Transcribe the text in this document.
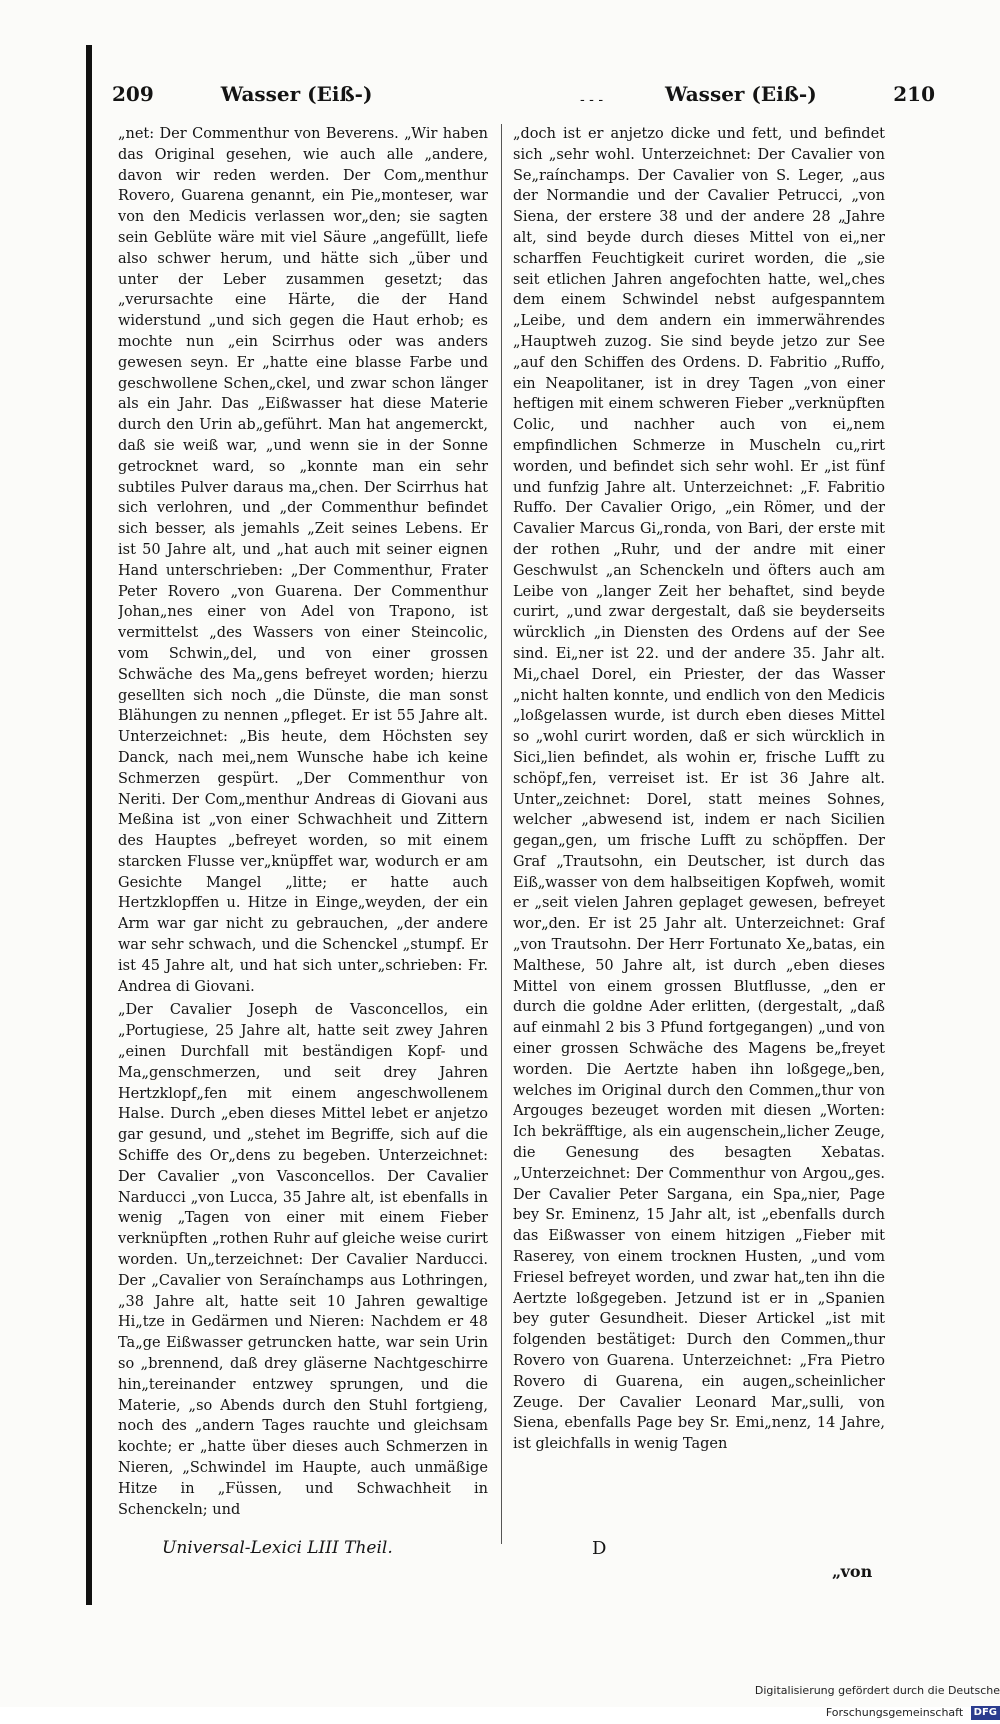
209	Wasser (Eiß-)	- - -	Wasser (Eiß-)	210

„net: Der Commenthur von Beverens. „Wir haben das Original gesehen, wie auch alle „andere, davon wir reden werden. Der Com„menthur Rovero, Guarena genannt, ein Pie„monteser, war von den Medicis verlassen wor„den; sie sagten sein Geblüte wäre mit viel Säure „angefüllt, liefe also schwer herum, und hätte sich „über und unter der Leber zusammen gesetzt; das „verursachte eine Härte, die der Hand widerstund „und sich gegen die Haut erhob; es mochte nun „ein Scirrhus oder was anders gewesen seyn. Er „hatte eine blasse Farbe und geschwollene Schen„ckel, und zwar schon länger als ein Jahr. Das „Eißwasser hat diese Materie durch den Urin ab„geführt. Man hat angemerckt, daß sie weiß war, „und wenn sie in der Sonne getrocknet ward, so „konnte man ein sehr subtiles Pulver daraus ma„chen. Der Scirrhus hat sich verlohren, und „der Commenthur befindet sich besser, als jemahls „Zeit seines Lebens. Er ist 50 Jahre alt, und „hat auch mit seiner eignen Hand unterschrieben: „Der Commenthur, Frater Peter Rovero „von Guarena. Der Commenthur Johan„nes einer von Adel von Trapono, ist vermittelst „des Wassers von einer Steincolic, vom Schwin„del, und von einer grossen Schwäche des Ma„gens befreyet worden; hierzu gesellten sich noch „die Dünste, die man sonst Blähungen zu nennen „pfleget. Er ist 55 Jahre alt. Unterzeichnet: „Bis heute, dem Höchsten sey Danck, nach mei„nem Wunsche habe ich keine Schmerzen gespürt. „Der Commenthur von Neriti. Der Com„menthur Andreas di Giovani aus Meßina ist „von einer Schwachheit und Zittern des Hauptes „befreyet worden, so mit einem starcken Flusse ver„knüpffet war, wodurch er am Gesichte Mangel „litte; er hatte auch Hertzklopffen u. Hitze in Einge„weyden, der ein Arm war gar nicht zu gebrauchen, „der andere war sehr schwach, und die Schenckel „stumpf. Er ist 45 Jahre alt, und hat sich unter„schrieben: Fr. Andrea di Giovani.

„Der Cavalier Joseph de Vasconcellos, ein „Portugiese, 25 Jahre alt, hatte seit zwey Jahren „einen Durchfall mit beständigen Kopf- und Ma„genschmerzen, und seit drey Jahren Hertzklopf„fen mit einem angeschwollenem Halse. Durch „eben dieses Mittel lebet er anjetzo gar gesund, und „stehet im Begriffe, sich auf die Schiffe des Or„dens zu begeben. Unterzeichnet: Der Cavalier „von Vasconcellos. Der Cavalier Narducci „von Lucca, 35 Jahre alt, ist ebenfalls in wenig „Tagen von einer mit einem Fieber verknüpften „rothen Ruhr auf gleiche weise curirt worden. Un„terzeichnet: Der Cavalier Narducci. Der „Cavalier von Seraínchamps aus Lothringen, „38 Jahre alt, hatte seit 10 Jahren gewaltige Hi„tze in Gedärmen und Nieren: Nachdem er 48 Ta„ge Eißwasser getruncken hatte, war sein Urin so „brennend, daß drey gläserne Nachtgeschirre hin„tereinander entzwey sprungen, und die Materie, „so Abends durch den Stuhl fortgieng, noch des „andern Tages rauchte und gleichsam kochte; er „hatte über dieses auch Schmerzen in Nieren, „Schwindel im Haupte, auch unmäßige Hitze in „Füssen, und Schwachheit in Schenckeln; und

„doch ist er anjetzo dicke und fett, und befindet sich „sehr wohl. Unterzeichnet: Der Cavalier von Se„raínchamps. Der Cavalier von S. Leger, „aus der Normandie und der Cavalier Petrucci, „von Siena, der erstere 38 und der andere 28 „Jahre alt, sind beyde durch dieses Mittel von ei„ner scharffen Feuchtigkeit curiret worden, die „sie seit etlichen Jahren angefochten hatte, wel„ches dem einem Schwindel nebst aufgespanntem „Leibe, und dem andern ein immerwährendes „Hauptweh zuzog. Sie sind beyde jetzo zur See „auf den Schiffen des Ordens. D. Fabritio „Ruffo, ein Neapolitaner, ist in drey Tagen „von einer heftigen mit einem schweren Fieber „verknüpften Colic, und nachher auch von ei„nem empfindlichen Schmerze in Muscheln cu„rirt worden, und befindet sich sehr wohl. Er „ist fünf und funfzig Jahre alt. Unterzeichnet: „F. Fabritio Ruffo. Der Cavalier Origo, „ein Römer, und der Cavalier Marcus Gi„ronda, von Bari, der erste mit der rothen „Ruhr, und der andre mit einer Geschwulst „an Schenckeln und öfters auch am Leibe von „langer Zeit her behaftet, sind beyde curirt, „und zwar dergestalt, daß sie beyderseits würcklich „in Diensten des Ordens auf der See sind. Ei„ner ist 22. und der andere 35. Jahr alt. Mi„chael Dorel, ein Priester, der das Wasser „nicht halten konnte, und endlich von den Medicis „loßgelassen wurde, ist durch eben dieses Mittel so „wohl curirt worden, daß er sich würcklich in Sici„lien befindet, als wohin er, frische Lufft zu schöpf„fen, verreiset ist. Er ist 36 Jahre alt. Unter„zeichnet: Dorel, statt meines Sohnes, welcher „abwesend ist, indem er nach Sicilien gegan„gen, um frische Lufft zu schöpffen. Der Graf „Trautsohn, ein Deutscher, ist durch das Eiß„wasser von dem halbseitigen Kopfweh, womit er „seit vielen Jahren geplaget gewesen, befreyet wor„den. Er ist 25 Jahr alt. Unterzeichnet: Graf „von Trautsohn. Der Herr Fortunato Xe„batas, ein Malthese, 50 Jahre alt, ist durch „eben dieses Mittel von einem grossen Blutflusse, „den er durch die goldne Ader erlitten, (dergestalt, „daß auf einmahl 2 bis 3 Pfund fortgegangen) „und von einer grossen Schwäche des Magens be„freyet worden. Die Aertzte haben ihn loßgege„ben, welches im Original durch den Commen„thur von Argouges bezeuget worden mit diesen „Worten: Ich bekräfftige, als ein augenschein„licher Zeuge, die Genesung des besagten Xebatas. „Unterzeichnet: Der Commenthur von Argou„ges. Der Cavalier Peter Sargana, ein Spa„nier, Page bey Sr. Eminenz, 15 Jahr alt, ist „ebenfalls durch das Eißwasser von einem hitzigen „Fieber mit Raserey, von einem trocknen Husten, „und vom Friesel befreyet worden, und zwar hat„ten ihn die Aertzte loßgegeben. Jetzund ist er in „Spanien bey guter Gesundheit. Dieser Artickel „ist mit folgenden bestätiget: Durch den Commen„thur Rovero von Guarena. Unterzeichnet: „Fra Pietro Rovero di Guarena, ein augen„scheinlicher Zeuge. Der Cavalier Leonard Mar„sulli, von Siena, ebenfalls Page bey Sr. Emi„nenz, 14 Jahre, ist gleichfalls in wenig Tagen

Universal-Lexici LIII Theil.	D
„von
Digitalisierung gefördert durch die Deutsche Forschungsgemeinschaft DFG
